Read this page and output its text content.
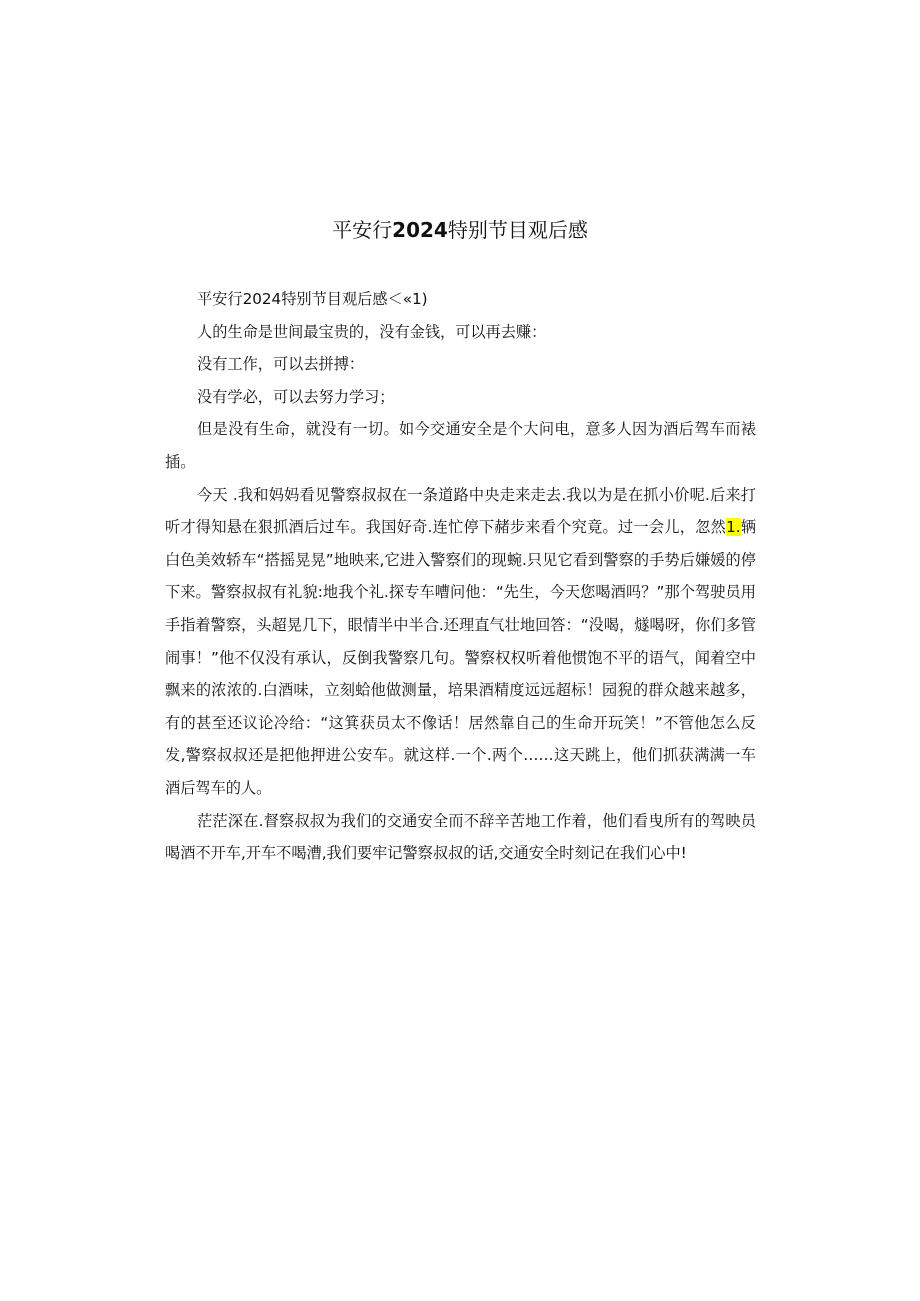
平安行2024特别节目观后感

平安行2024特别节目观后感＜«1)

人的生命是世间最宝贵的，没有金钱，可以再去赚：

没有工作，可以去拼搏：

没有学必，可以去努力学习；

但是没有生命，就没有一切。如今交通安全是个大问电，意多人因为酒后驾车而裱插。

今天 .我和妈妈看见警察叔叔在一条道路中央走来走去.我以为是在抓小价呢.后来打听才得知悬在狠抓酒后过车。我国好奇.连忙停下赭步来看个究竟。过一会儿，忽然1.辆白色美效轿车“搭摇晃晃”地映来,它进入警察们的现蜿.只见它看到警察的手势后嫌媛的停下来。警察叔叔有礼貌:地我个礼.探专车嘈问他：“先生，今天您喝酒吗？”那个驾驶员用手指着警察，头超晃几下，眼情半中半合.还理直气壮地回答：“没喝，燧喝呀，你们多管闹事！”他不仅没有承认，反倒我警察几句。警察权权听着他惯饱不平的语气，闻着空中飘来的浓浓的.白酒味，立刻蛤他做测量，培果酒精度远远超标！园猊的群众越来越多，有的甚至还议论冷给：“这箕获员太不像话！居然靠自己的生命开玩笑！”不管他怎么反发,警察叔叔还是把他押进公安车。就这样.一个.两个……这天跳上，他们抓获满满一车酒后驾车的人。

茫茫深在.督察叔叔为我们的交通安全而不辞辛苦地工作着，他们看曳所有的驾映员喝酒不开车,开车不喝漕,我们要牢记警察叔叔的话,交通安全时刻记在我们心中!
